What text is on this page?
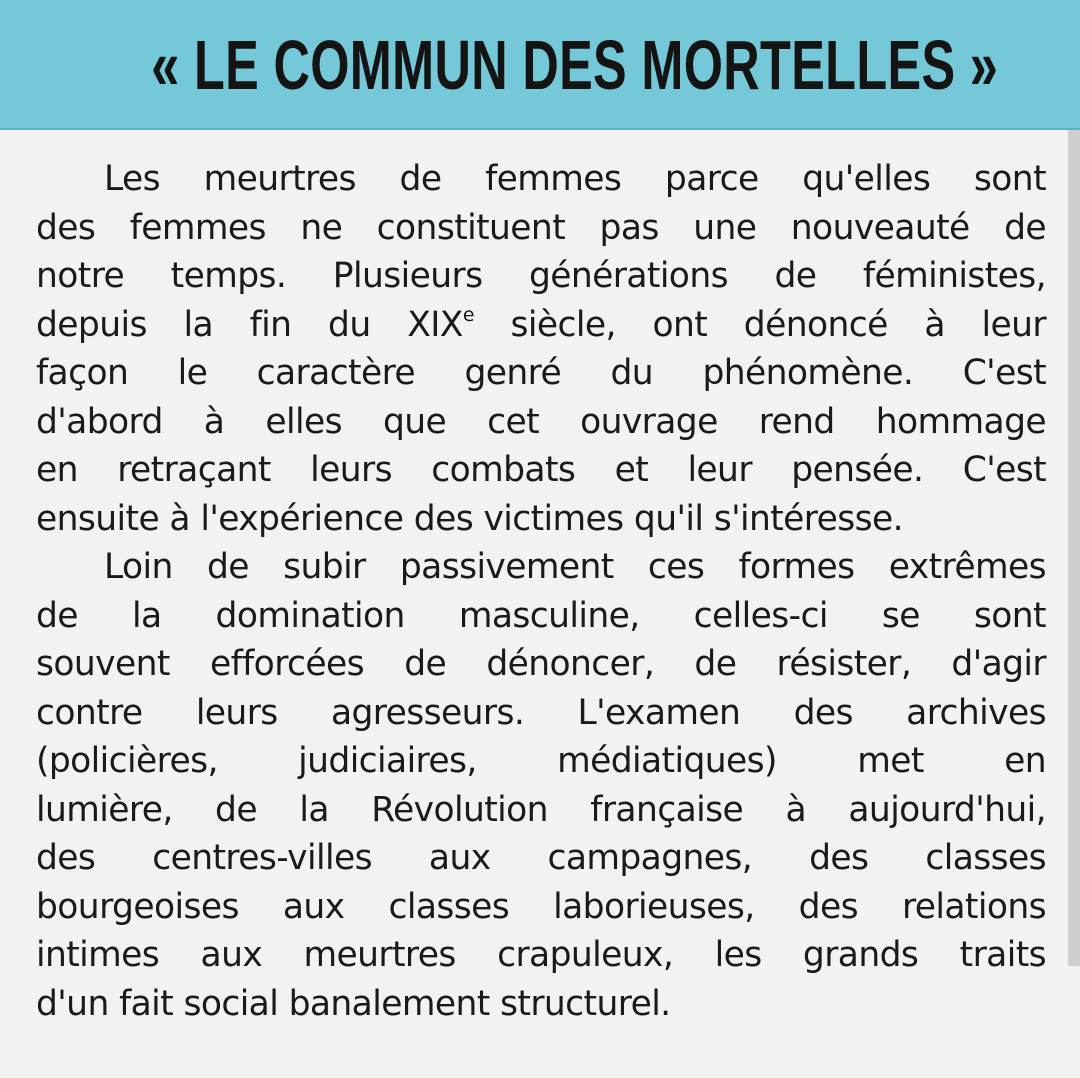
« LE COMMUN DES MORTELLES »
Les meurtres de femmes parce qu'elles sont
des femmes ne constituent pas une nouveauté de
notre temps. Plusieurs générations de féministes,
depuis la fin du XIXe siècle, ont dénoncé à leur
façon le caractère genré du phénomène. C'est
d'abord à elles que cet ouvrage rend hommage
en retraçant leurs combats et leur pensée. C'est
ensuite à l'expérience des victimes qu'il s'intéresse.
Loin de subir passivement ces formes extrêmes
de la domination masculine, celles-ci se sont
souvent efforcées de dénoncer, de résister, d'agir
contre leurs agresseurs. L'examen des archives
(policières, judiciaires, médiatiques) met en
lumière, de la Révolution française à aujourd'hui,
des centres-villes aux campagnes, des classes
bourgeoises aux classes laborieuses, des relations
intimes aux meurtres crapuleux, les grands traits
d'un fait social banalement structurel.
